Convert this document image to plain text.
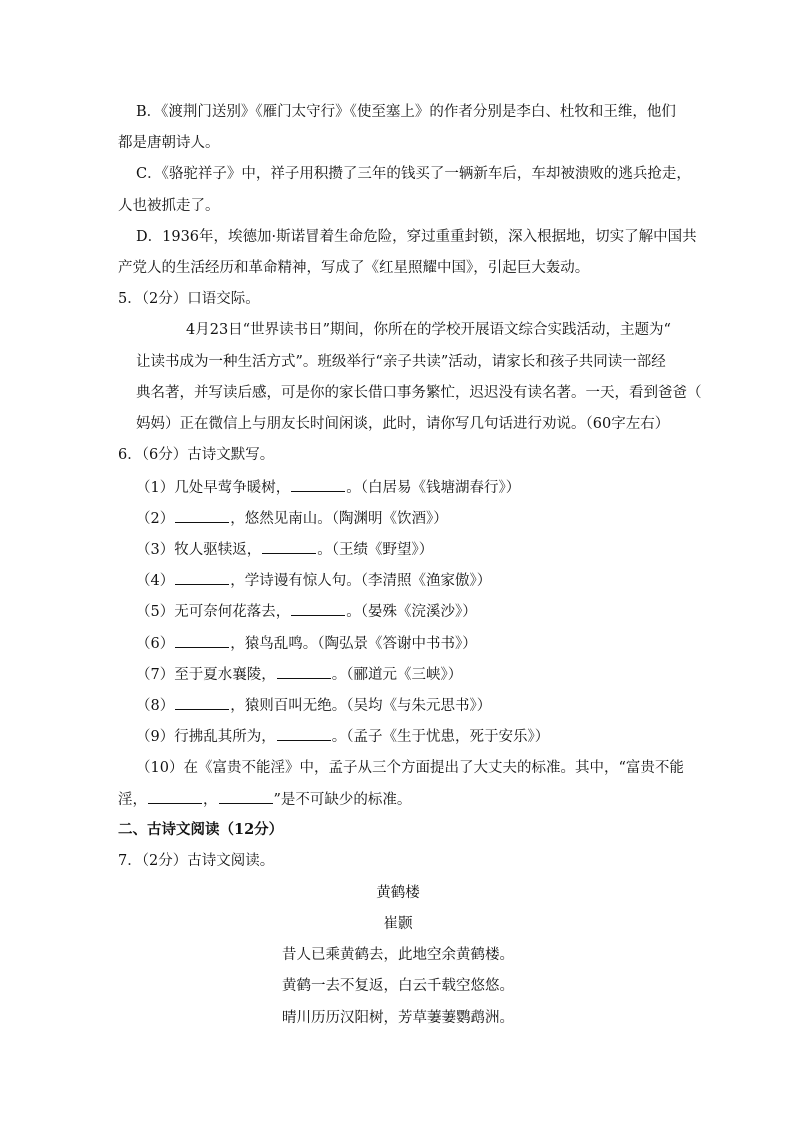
B．《渡荆门送别》《雁门太守行》《使至塞上》的作者分别是李白、杜牧和王维，他们
都是唐朝诗人。
C．《骆驼祥子》中，祥子用积攒了三年的钱买了一辆新车后，车却被溃败的逃兵抢走，
人也被抓走了。
D．1936年，埃德加·斯诺冒着生命危险，穿过重重封锁，深入根据地，切实了解中国共
产党人的生活经历和革命精神，写成了《红星照耀中国》，引起巨大轰动。
5．（2分）口语交际。
4月23日“世界读书日”期间，你所在的学校开展语文综合实践活动，主题为“
让读书成为一种生活方式”。班级举行“亲子共读”活动，请家长和孩子共同读一部经
典名著，并写读后感，可是你的家长借口事务繁忙，迟迟没有读名著。一天，看到爸爸（
妈妈）正在微信上与朋友长时间闲谈，此时，请你写几句话进行劝说。（60字左右）
6．（6分）古诗文默写。
（1）几处早莺争暖树，	。（白居易《钱塘湖春行》）
（2）	，悠然见南山。（陶渊明《饮酒》）
（3）牧人驱犊返，	。（王绩《野望》）
（4）	，学诗谩有惊人句。（李清照《渔家傲》）
（5）无可奈何花落去，	。（晏殊《浣溪沙》）
（6）	，猿鸟乱鸣。（陶弘景《答谢中书书》）
（7）至于夏水襄陵，	。（郦道元《三峡》）
（8）	，猿则百叫无绝。（吴均《与朱元思书》）
（9）行拂乱其所为，	。（孟子《生于忧患，死于安乐》）
（10）在《富贵不能淫》中，孟子从三个方面提出了大丈夫的标准。其中，“富贵不能
淫，	，	”是不可缺少的标准。
二、古诗文阅读（12分）
7．（2分）古诗文阅读。
黄鹤楼
崔颢
昔人已乘黄鹤去，此地空余黄鹤楼。
黄鹤一去不复返，白云千载空悠悠。
晴川历历汉阳树，芳草萋萋鹦鹉洲。
